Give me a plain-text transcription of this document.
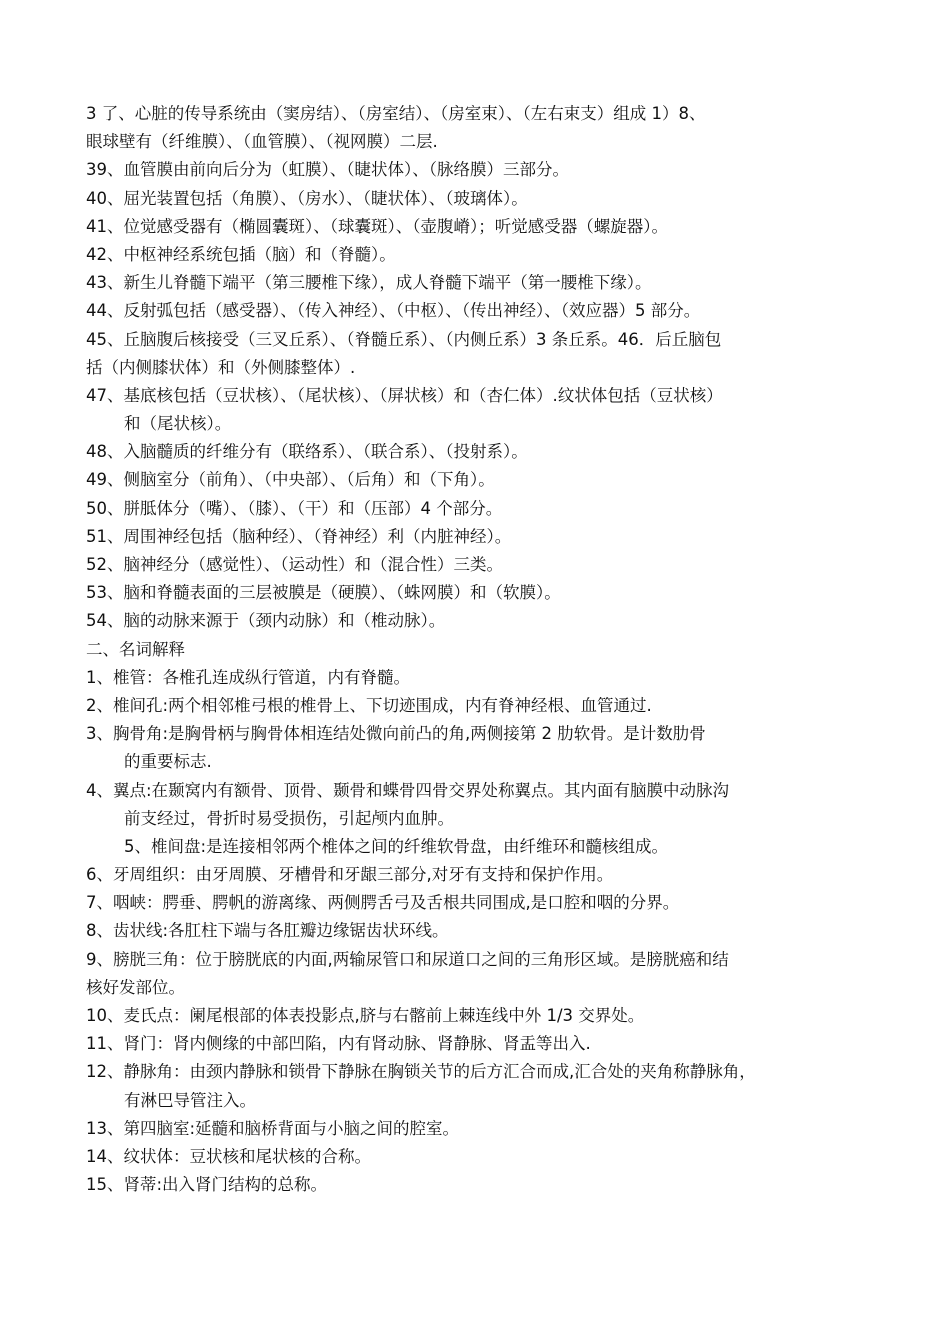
3 了、心脏的传导系统由（窦房结）、（房室结）、（房室束）、（左右束支）组成 1）8、
眼球壁有（纤维膜）、（血管膜）、（视网膜）二层.
39、血管膜由前向后分为（虹膜）、（睫状体）、（脉络膜）三部分。
40、屈光装置包括（角膜）、（房水）、（睫状体）、（玻璃体）。
41、位觉感受器有（椭圆囊斑）、（球囊斑）、（壶腹嵴）；听觉感受器（螺旋器）。
42、中枢神经系统包插（脑）和（脊髓）。
43、新生儿脊髓下端平（第三腰椎下缘），成人脊髓下端平（第一腰椎下缘）。
44、反射弧包括（感受器）、（传入神经）、（中枢）、（传出神经）、（效应器）5 部分。
45、丘脑腹后核接受（三叉丘系）、（脊髓丘系）、（内侧丘系）3 条丘系。46．后丘脑包
括（内侧膝状体）和（外侧膝整体）.
47、基底核包括（豆状核）、（尾状核）、（屏状核）和（杏仁体）.纹状体包括（豆状核）
和（尾状核）。
48、入脑髓质的纤维分有（联络系）、（联合系）、（投射系）。
49、侧脑室分（前角）、（中央部）、（后角）和（下角）。
50、胼胝体分（嘴）、（膝）、（干）和（压部）4 个部分。
51、周围神经包括（脑种经）、（脊神经）利（内脏神经）。
52、脑神经分（感觉性）、（运动性）和（混合性）三类。
53、脑和脊髓表面的三层被膜是（硬膜）、（蛛网膜）和（软膜）。
54、脑的动脉来源于（颈内动脉）和（椎动脉）。
二、名词解释
1、椎管：各椎孔连成纵行管道，内有脊髓。
2、椎间孔:两个相邻椎弓根的椎骨上、下切迹围成，内有脊神经根、血管通过.
3、胸骨角:是胸骨柄与胸骨体相连结处微向前凸的角,两侧接第 2 肋软骨。是计数肋骨
的重要标志.
4、翼点:在颞窝内有额骨、顶骨、颞骨和蝶骨四骨交界处称翼点。其内面有脑膜中动脉沟
前支经过，骨折时易受损伤，引起颅内血肿。
5、椎间盘:是连接相邻两个椎体之间的纤维软骨盘，由纤维环和髓核组成。
6、牙周组织：由牙周膜、牙槽骨和牙龈三部分,对牙有支持和保护作用。
7、咽峡：腭垂、腭帆的游离缘、两侧腭舌弓及舌根共同围成,是口腔和咽的分界。
8、齿状线:各肛柱下端与各肛瓣边缘锯齿状环线。
9、膀胱三角：位于膀胱底的内面,两输尿管口和尿道口之间的三角形区域。是膀胱癌和结
核好发部位。
10、麦氏点：阑尾根部的体表投影点,脐与右髂前上棘连线中外 1/3 交界处。
11、肾门：肾内侧缘的中部凹陷，内有肾动脉、肾静脉、肾盂等出入.
12、静脉角：由颈内静脉和锁骨下静脉在胸锁关节的后方汇合而成,汇合处的夹角称静脉角，
有淋巴导管注入。
13、第四脑室:延髓和脑桥背面与小脑之间的腔室。
14、纹状体：豆状核和尾状核的合称。
15、肾蒂:出入肾门结构的总称。
